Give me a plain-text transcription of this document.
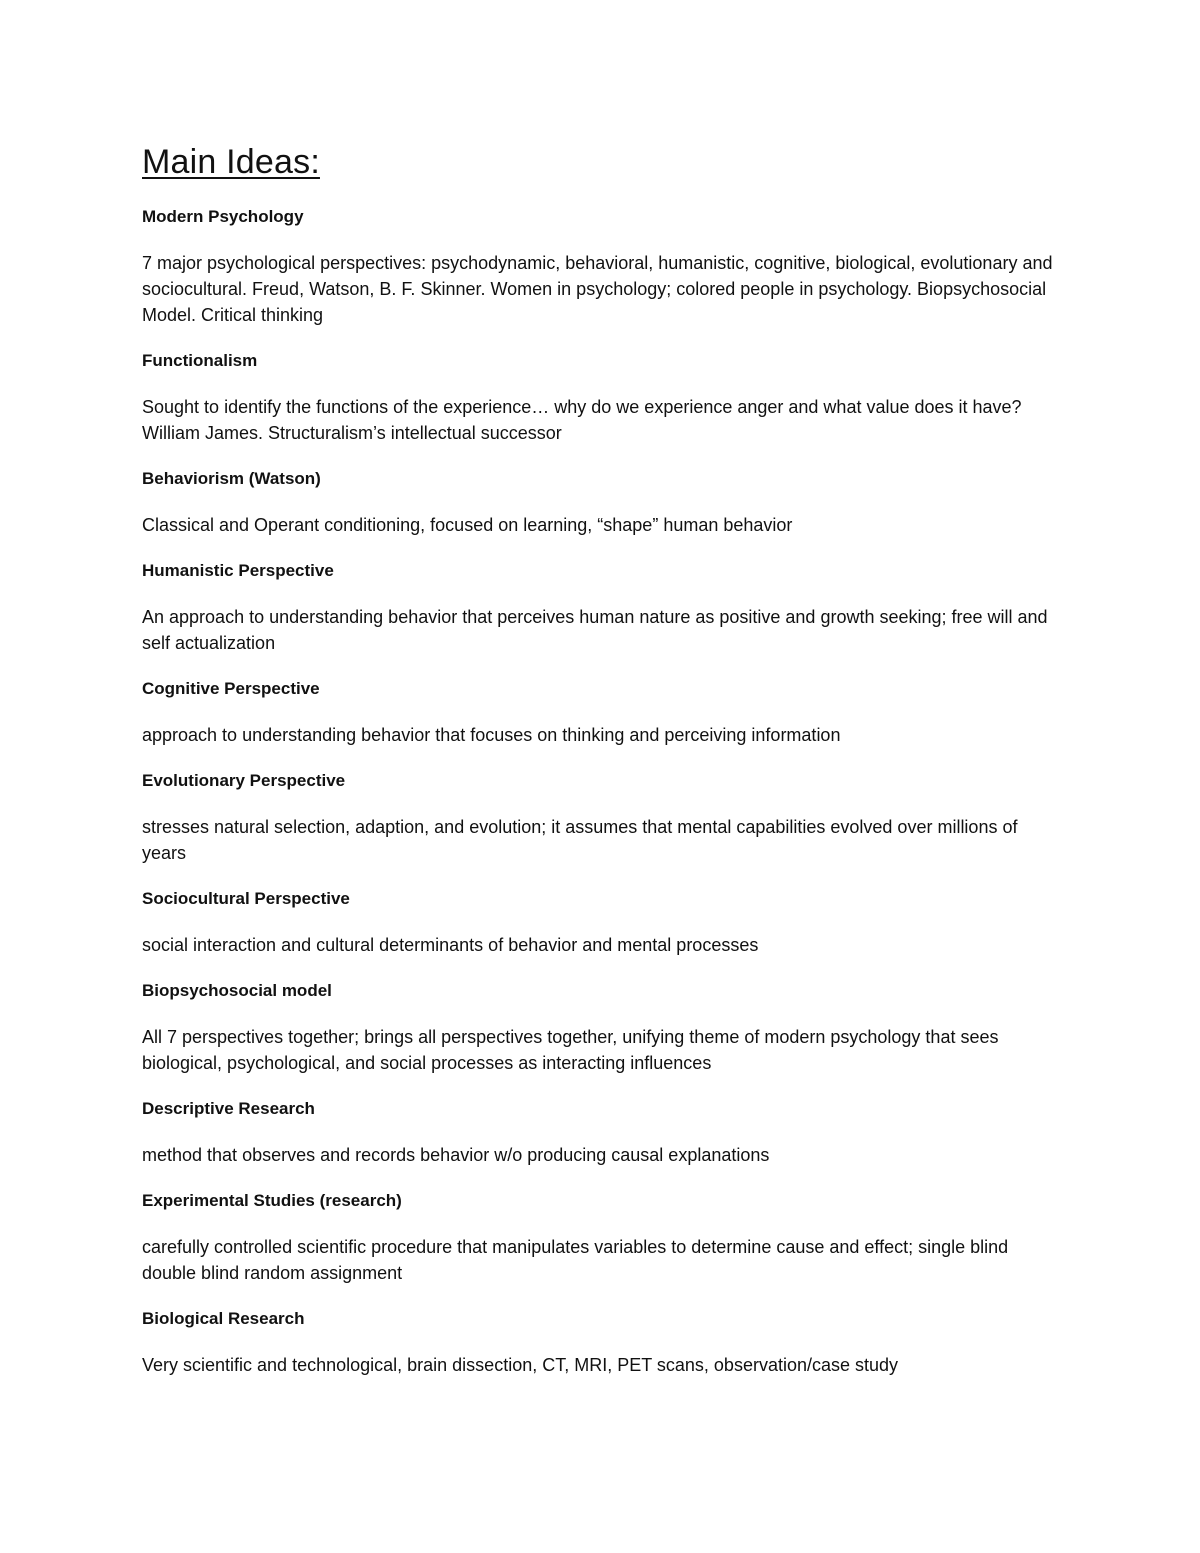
Main Ideas:
Modern Psychology
7 major psychological perspectives: psychodynamic, behavioral, humanistic, cognitive, biological, evolutionary and sociocultural. Freud, Watson, B. F. Skinner. Women in psychology; colored people in psychology. Biopsychosocial Model. Critical thinking
Functionalism
Sought to identify the functions of the experience… why do we experience anger and what value does it have? William James. Structuralism’s intellectual successor
Behaviorism (Watson)
Classical and Operant conditioning, focused on learning, “shape” human behavior
Humanistic Perspective
An approach to understanding behavior that perceives human nature as positive and growth seeking; free will and self actualization
Cognitive Perspective
approach to understanding behavior that focuses on thinking and perceiving information
Evolutionary Perspective
stresses natural selection, adaption, and evolution; it assumes that mental capabilities evolved over millions of years
Sociocultural Perspective
social interaction and cultural determinants of behavior and mental processes
Biopsychosocial model
All 7 perspectives together; brings all perspectives together, unifying theme of modern psychology that sees biological, psychological, and social processes as interacting influences
Descriptive Research
method that observes and records behavior w/o producing causal explanations
Experimental Studies (research)
carefully controlled scientific procedure that manipulates variables to determine cause and effect; single blind double blind random assignment
Biological Research
Very scientific and technological, brain dissection, CT, MRI, PET scans, observation/case study
